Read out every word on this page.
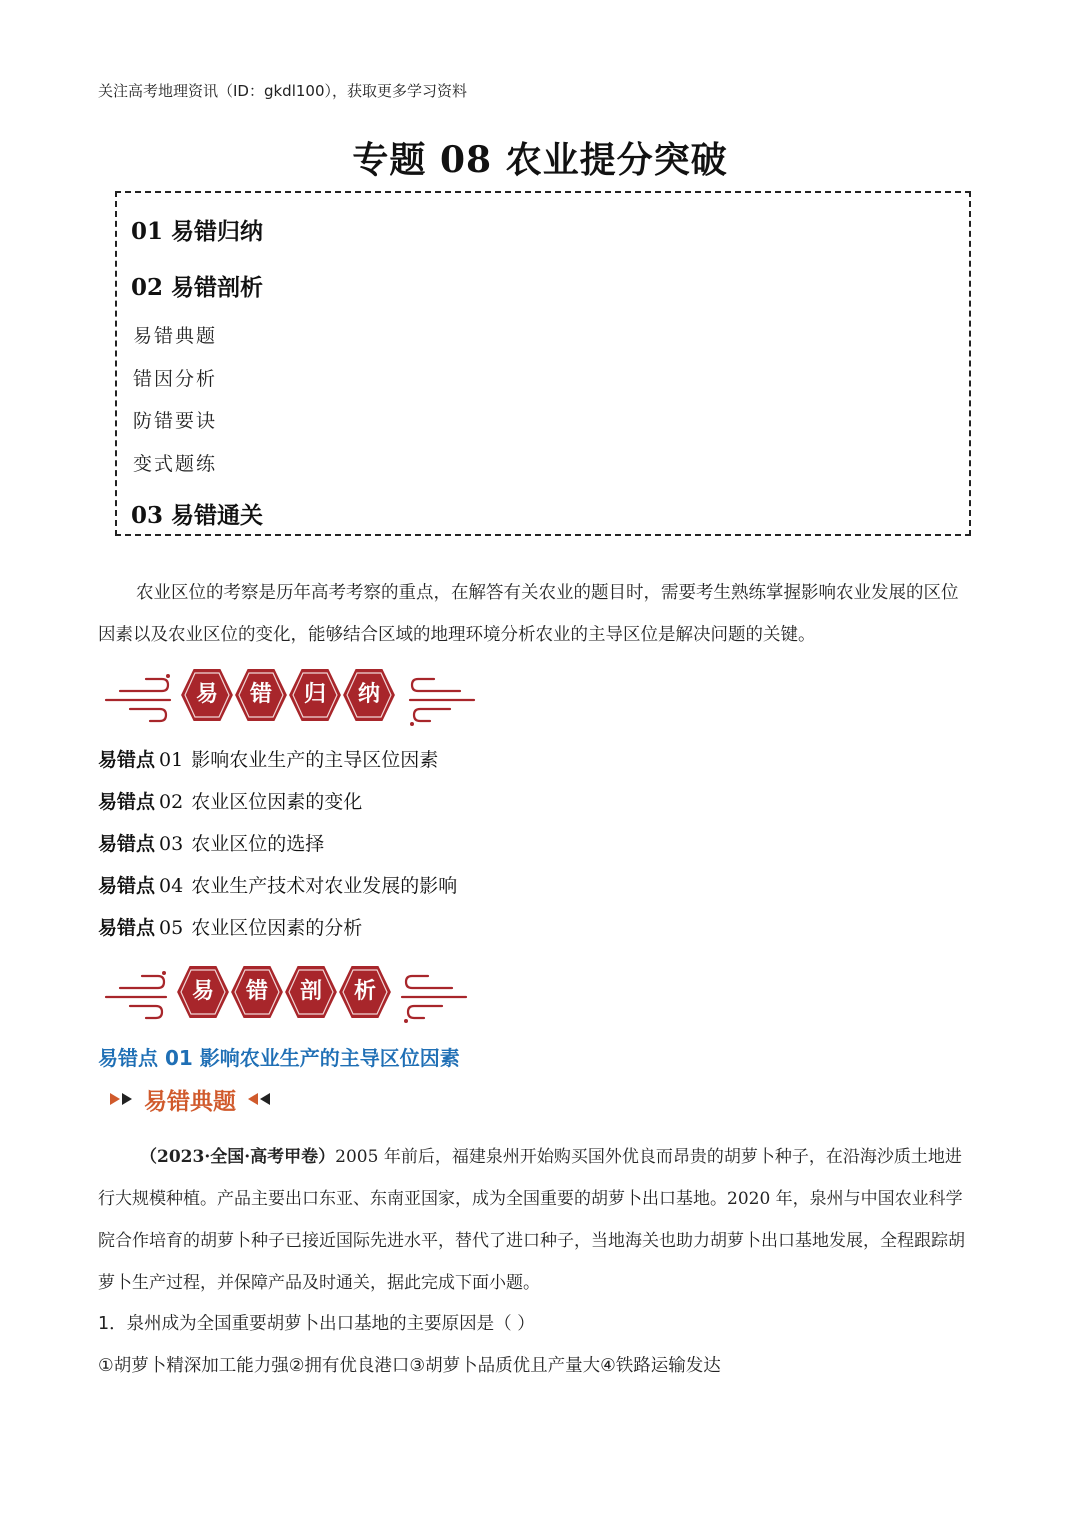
关注高考地理资讯（ID：gkdl100），获取更多学习资料
专题 08 农业提分突破
01 易错归纳
02 易错剖析
易错典题
错因分析
防错要诀
变式题练
03 易错通关
农业区位的考察是历年高考考察的重点，在解答有关农业的题目时，需要考生熟练掌握影响农业发展的区位因素以及农业区位的变化，能够结合区域的地理环境分析农业的主导区位是解决问题的关键。
易	错	归	纳
易错点 01 影响农业生产的主导区位因素
易错点 02 农业区位因素的变化
易错点 03 农业区位的选择
易错点 04 农业生产技术对农业发展的影响
易错点 05 农业区位因素的分析
易	错	剖	析
易错点 01 影响农业生产的主导区位因素
易错典题
（2023·全国·高考甲卷）2005 年前后，福建泉州开始购买国外优良而昂贵的胡萝卜种子，在沿海沙质土地进行大规模种植。产品主要出口东亚、东南亚国家，成为全国重要的胡萝卜出口基地。2020 年，泉州与中国农业科学院合作培育的胡萝卜种子已接近国际先进水平，替代了进口种子，当地海关也助力胡萝卜出口基地发展，全程跟踪胡萝卜生产过程，并保障产品及时通关，据此完成下面小题。
1．泉州成为全国重要胡萝卜出口基地的主要原因是（ ）
①胡萝卜精深加工能力强②拥有优良港口③胡萝卜品质优且产量大④铁路运输发达
